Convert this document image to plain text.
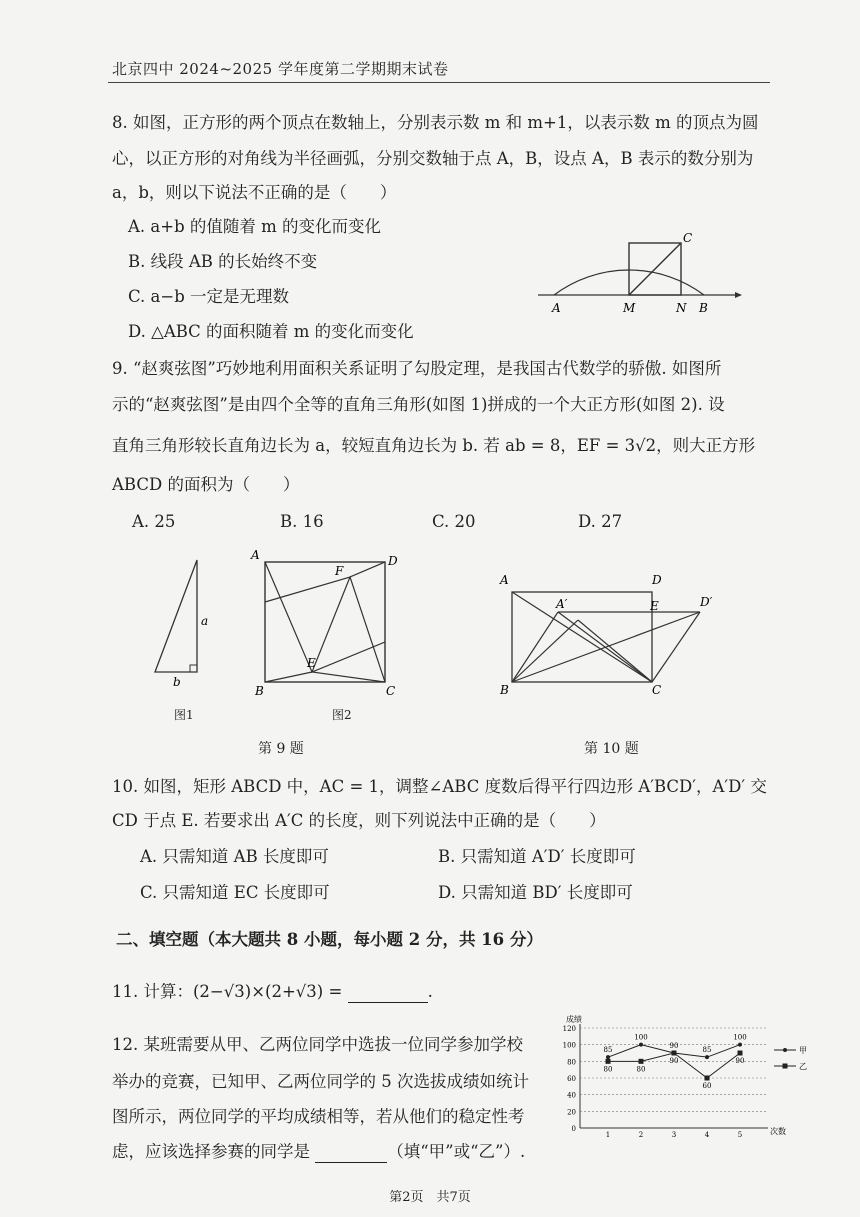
北京四中 2024~2025 学年度第二学期期末试卷
8. 如图，正方形的两个顶点在数轴上，分别表示数 m 和 m+1，以表示数 m 的顶点为圆
心，以正方形的对角线为半径画弧，分别交数轴于点 A，B，设点 A，B 表示的数分别为
a，b，则以下说法不正确的是（　　）
A. a+b 的值随着 m 的变化而变化
B. 线段 AB 的长始终不变
C. a−b 一定是无理数
D. △ABC 的面积随着 m 的变化而变化
A	M	N B
C
9. “赵爽弦图”巧妙地利用面积关系证明了勾股定理，是我国古代数学的骄傲. 如图所
示的“赵爽弦图”是由四个全等的直角三角形(如图 1)拼成的一个大正方形(如图 2). 设
直角三角形较长直角边长为 a，较短直角边长为 b. 若 ab = 8，EF = 3√2，则大正方形
ABCD 的面积为（　　）
A. 25	B. 16	C. 20	D. 27
a
b
图1
A	D
F
E
B	C
图2
第 9 题
A	D
A′	E	D′
B	C
第 10 题
10. 如图，矩形 ABCD 中，AC = 1，调整∠ABC 度数后得平行四边形 A′BCD′，A′D′ 交
CD 于点 E. 若要求出 A′C 的长度，则下列说法中正确的是（　　）
A. 只需知道 AB 长度即可	B. 只需知道 A′D′ 长度即可
C. 只需知道 EC 长度即可	D. 只需知道 BD′ 长度即可
二、填空题（本大题共 8 小题，每小题 2 分，共 16 分）
11. 计算：(2−√3)×(2+√3) =	.
12. 某班需要从甲、乙两位同学中选拔一位同学参加学校
举办的竞赛，已知甲、乙两位同学的 5 次选拔成绩如统计
图所示，两位同学的平均成绩相等，若从他们的稳定性考
虑，应该选择参赛的同学是	（填“甲”或“乙”）.
成绩
次数
0
20
40
60
80
100
120
1	2	3	4	5
85
100
90
85
100
80	80
90
60
90
甲
乙
第2页　共7页
